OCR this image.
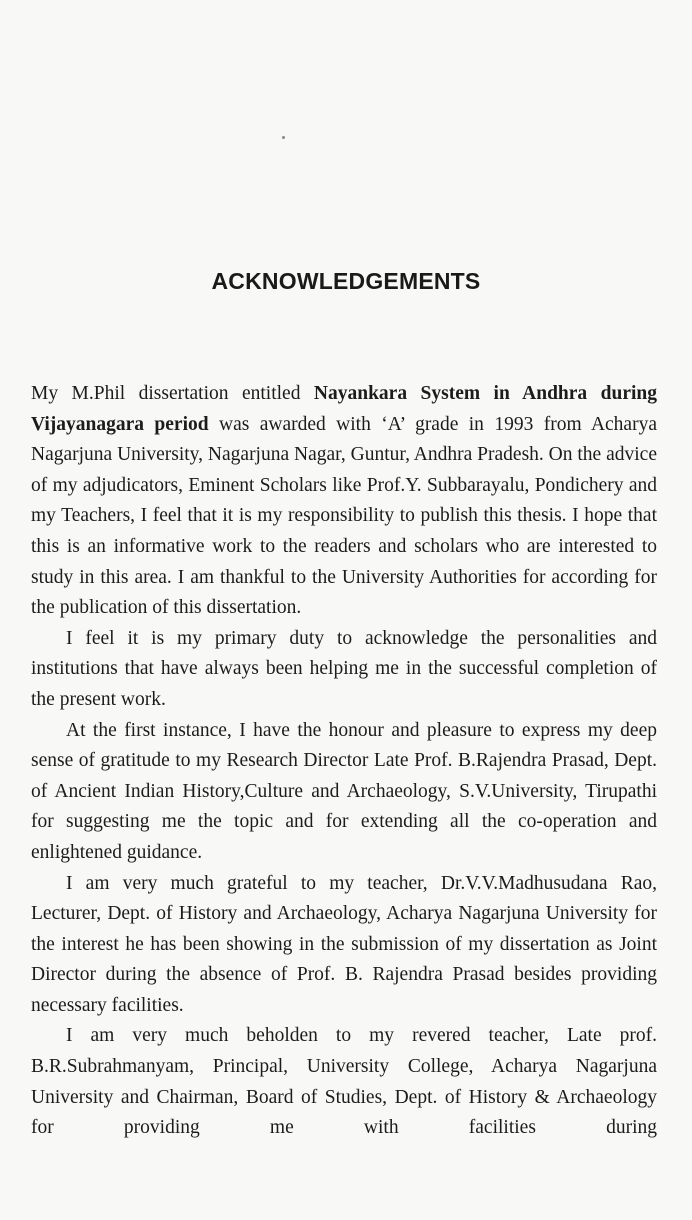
ACKNOWLEDGEMENTS

My M.Phil dissertation entitled Nayankara System in Andhra during Vijayanagara period was awarded with ‘A’ grade in 1993 from Acharya Nagarjuna University, Nagarjuna Nagar, Guntur, Andhra Pradesh. On the advice of my adjudicators, Eminent Scholars like Prof.Y. Subbarayalu, Pondichery and my Teachers, I feel that it is my responsibility to publish this thesis. I hope that this is an informative work to the readers and scholars who are interested to study in this area. I am thankful to the University Authorities for according for the publication of this dissertation.

I feel it is my primary duty to acknowledge the personalities and institutions that have always been helping me in the successful completion of the present work.

At the first instance, I have the honour and pleasure to express my deep sense of gratitude to my Research Director Late Prof. B.Rajendra Prasad, Dept. of Ancient Indian History,Culture and Archaeology, S.V.University, Tirupathi for suggesting me the topic and for extending all the co-operation and enlightened guidance.

I am very much grateful to my teacher, Dr.V.V.Madhusudana Rao, Lecturer, Dept. of History and Archaeology, Acharya Nagarjuna University for the interest he has been showing in the submission of my dissertation as Joint Director during the absence of Prof. B. Rajendra Prasad besides providing necessary facilities.

I am very much beholden to my revered teacher, Late prof. B.R.Subrahmanyam, Principal, University College, Acharya Nagarjuna University and Chairman, Board of Studies, Dept. of History & Archaeology for providing me with facilities during
